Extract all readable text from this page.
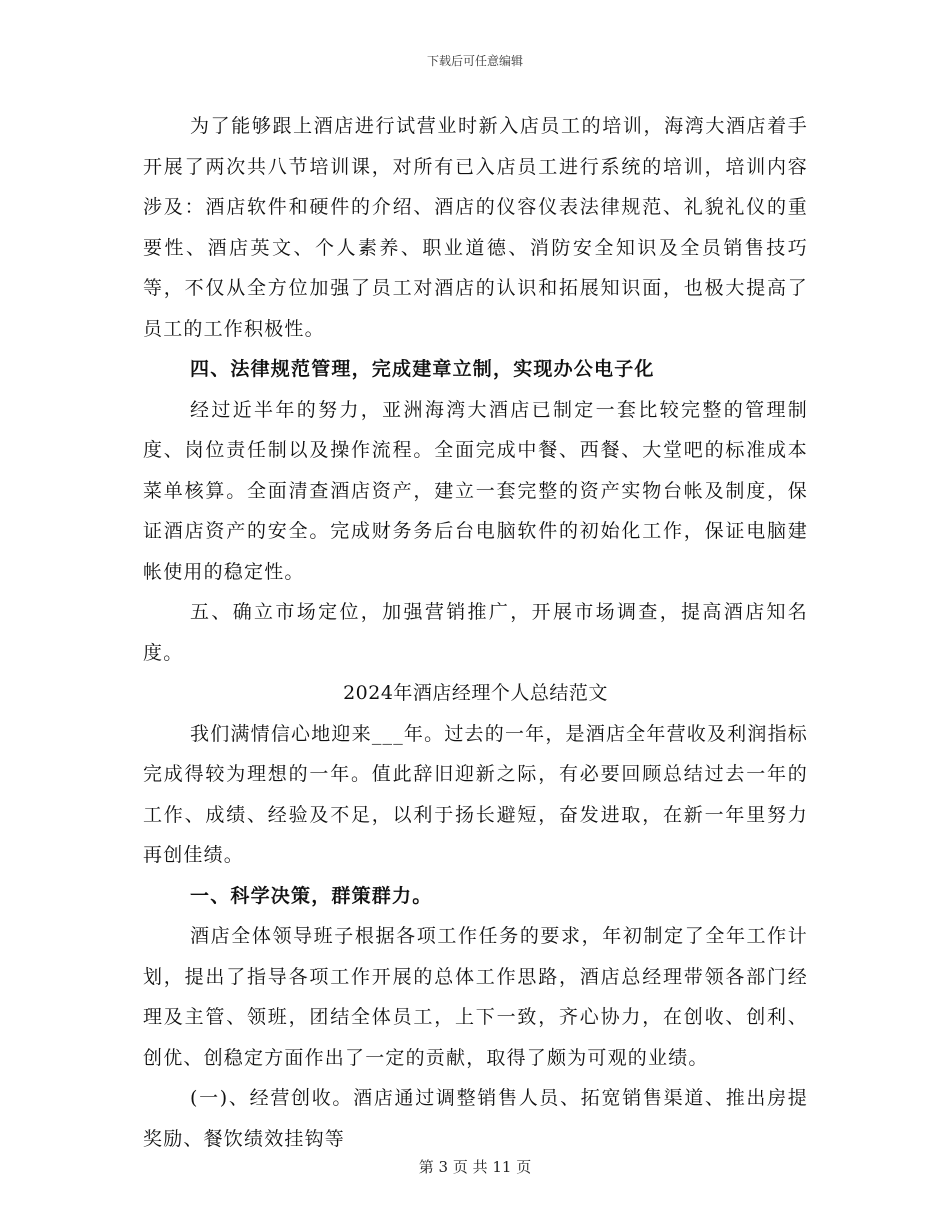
下载后可任意编辑

为了能够跟上酒店进行试营业时新入店员工的培训，海湾大酒店着手开展了两次共八节培训课，对所有已入店员工进行系统的培训，培训内容涉及：酒店软件和硬件的介绍、酒店的仪容仪表法律规范、礼貌礼仪的重要性、酒店英文、个人素养、职业道德、消防安全知识及全员销售技巧等，不仅从全方位加强了员工对酒店的认识和拓展知识面，也极大提高了员工的工作积极性。

四、法律规范管理，完成建章立制，实现办公电子化

经过近半年的努力，亚洲海湾大酒店已制定一套比较完整的管理制度、岗位责任制以及操作流程。全面完成中餐、西餐、大堂吧的标准成本菜单核算。全面清查酒店资产，建立一套完整的资产实物台帐及制度，保证酒店资产的安全。完成财务务后台电脑软件的初始化工作，保证电脑建帐使用的稳定性。

五、确立市场定位，加强营销推广，开展市场调查，提高酒店知名度。

2024年酒店经理个人总结范文

我们满情信心地迎来___年。过去的一年，是酒店全年营收及利润指标完成得较为理想的一年。值此辞旧迎新之际，有必要回顾总结过去一年的工作、成绩、经验及不足，以利于扬长避短，奋发进取，在新一年里努力再创佳绩。

一、科学决策，群策群力。

酒店全体领导班子根据各项工作任务的要求，年初制定了全年工作计划，提出了指导各项工作开展的总体工作思路，酒店总经理带领各部门经理及主管、领班，团结全体员工，上下一致，齐心协力，在创收、创利、创优、创稳定方面作出了一定的贡献，取得了颇为可观的业绩。

(一)、经营创收。酒店通过调整销售人员、拓宽销售渠道、推出房提奖励、餐饮绩效挂钩等

第 3 页 共 11 页
